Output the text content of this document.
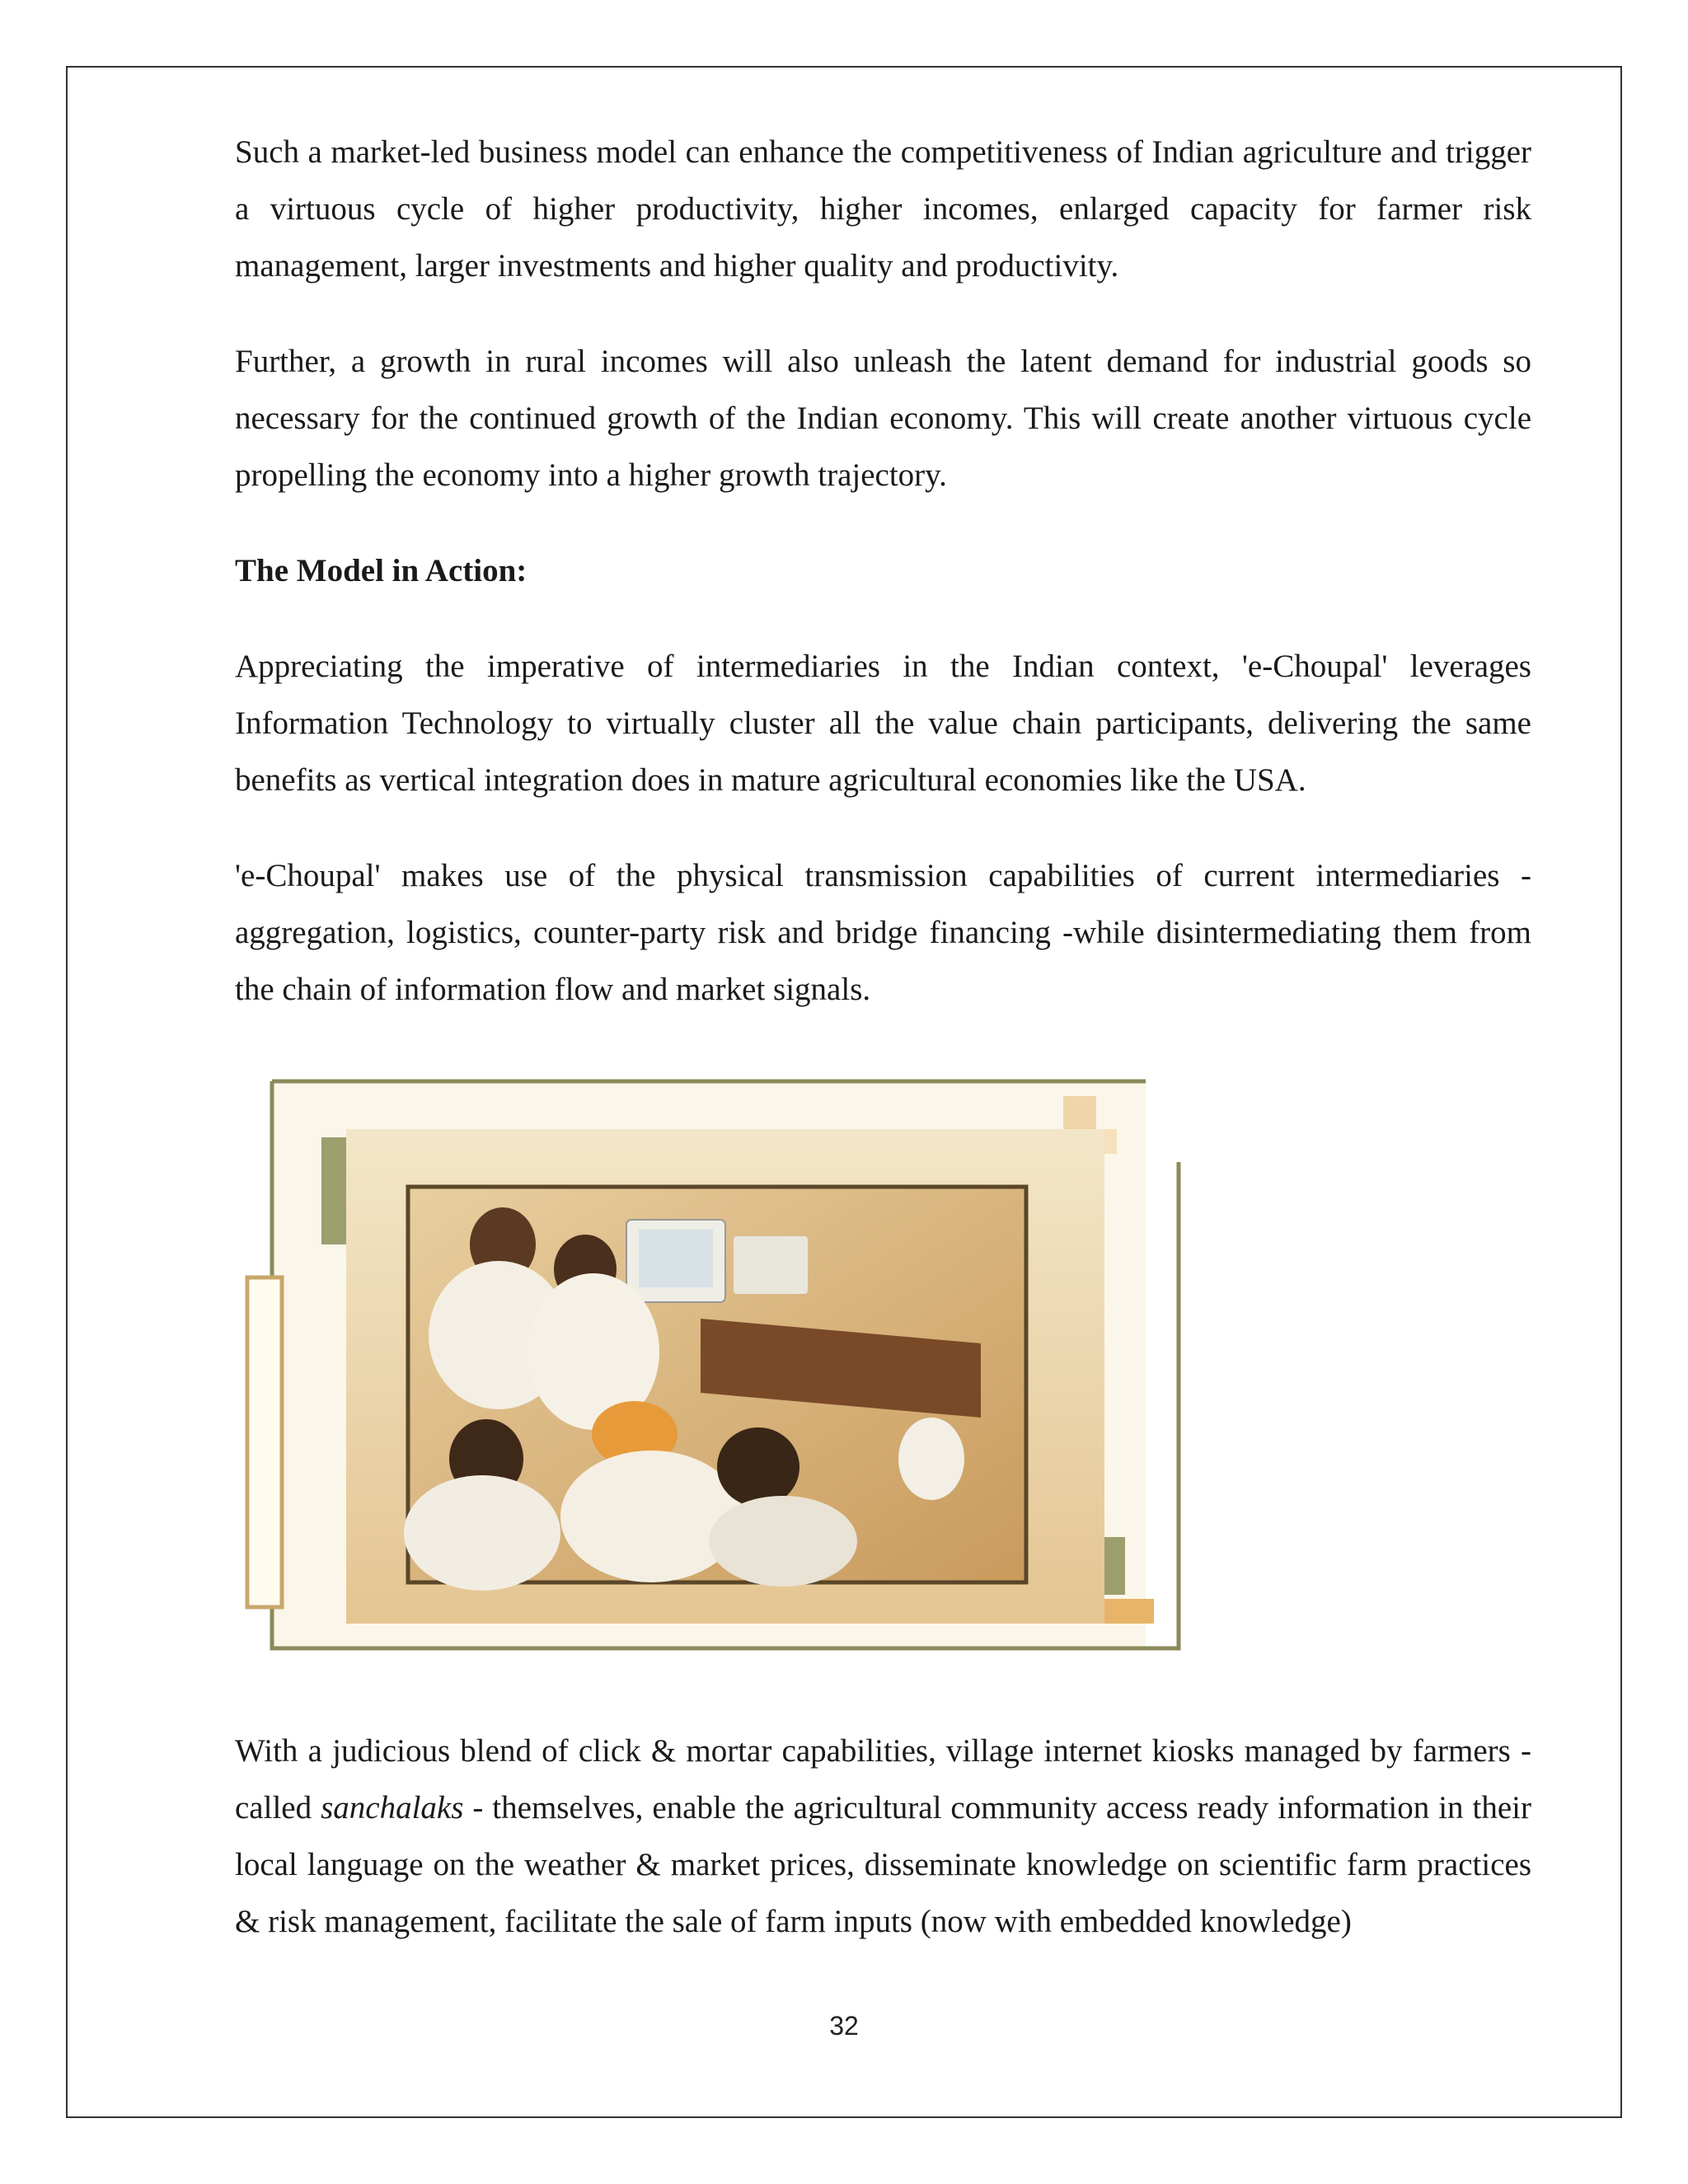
Such a market-led business model can enhance the competitiveness of Indian agriculture and trigger a virtuous cycle of higher productivity, higher incomes, enlarged capacity for farmer risk management, larger investments and higher quality and productivity.

Further, a growth in rural incomes will also unleash the latent demand for industrial goods so necessary for the continued growth of the Indian economy. This will create another virtuous cycle propelling the economy into a higher growth trajectory.

The Model in Action:

Appreciating the imperative of intermediaries in the Indian context, 'e-Choupal' leverages Information Technology to virtually cluster all the value chain participants, delivering the same benefits as vertical integration does in mature agricultural economies like the USA.

'e-Choupal' makes use of the physical transmission capabilities of current intermediaries - aggregation, logistics, counter-party risk and bridge financing -while disintermediating them from the chain of information flow and market signals.

With a judicious blend of click & mortar capabilities, village internet kiosks managed by farmers - called sanchalaks - themselves, enable the agricultural community access ready information in their local language on the weather & market prices, disseminate knowledge on scientific farm practices & risk management, facilitate the sale of farm inputs (now with embedded knowledge)

32
